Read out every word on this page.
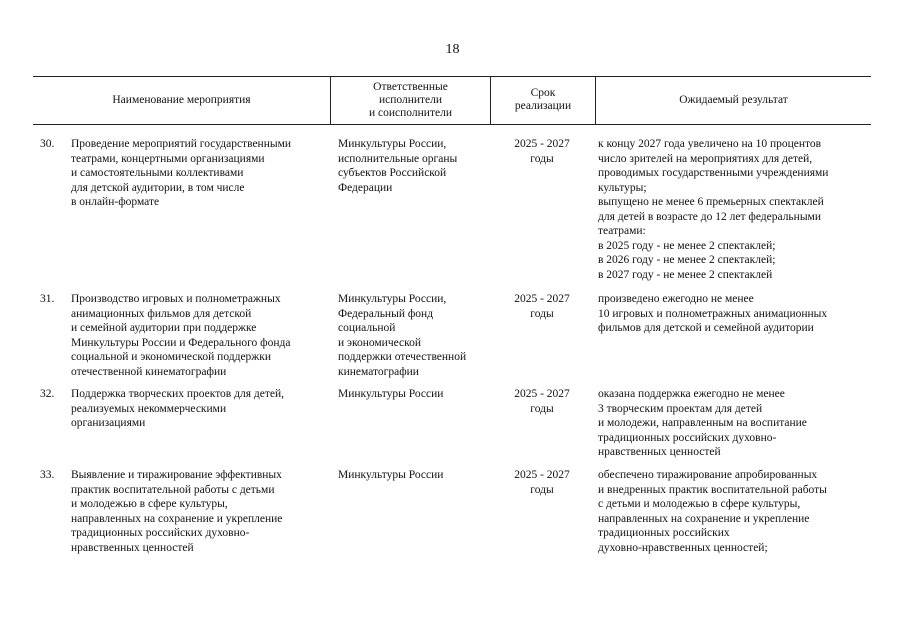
18
Наименование мероприятия
Ответственные
исполнители
и соисполнители
Срок
реализации
Ожидаемый результат
30. Проведение мероприятий государственными
театрами, концертными организациями
и самостоятельными коллективами
для детской аудитории, в том числе
в онлайн-формате
Минкультуры России,
исполнительные органы
субъектов Российской
Федерации
2025 - 2027
годы
к концу 2027 года увеличено на 10 процентов
число зрителей на мероприятиях для детей,
проводимых государственными учреждениями
культуры;
выпущено не менее 6 премьерных спектаклей
для детей в возрасте до 12 лет федеральными
театрами:
в 2025 году - не менее 2 спектаклей;
в 2026 году - не менее 2 спектаклей;
в 2027 году - не менее 2 спектаклей
31. Производство игровых и полнометражных
анимационных фильмов для детской
и семейной аудитории при поддержке
Минкультуры России и Федерального фонда
социальной и экономической поддержки
отечественной кинематографии
Минкультуры России,
Федеральный фонд
социальной
и экономической
поддержки отечественной
кинематографии
2025 - 2027
годы
произведено ежегодно не менее
10 игровых и полнометражных анимационных
фильмов для детской и семейной аудитории
32. Поддержка творческих проектов для детей,
реализуемых некоммерческими
организациями
Минкультуры России	2025 - 2027
годы
оказана поддержка ежегодно не менее
3 творческим проектам для детей
и молодежи, направленным на воспитание
традиционных российских духовно-
нравственных ценностей
33. Выявление и тиражирование эффективных
практик воспитательной работы с детьми
и молодежью в сфере культуры,
направленных на сохранение и укрепление
традиционных российских духовно-
нравственных ценностей
Минкультуры России	2025 - 2027
годы
обеспечено тиражирование апробированных
и внедренных практик воспитательной работы
с детьми и молодежью в сфере культуры,
направленных на сохранение и укрепление
традиционных российских
духовно-нравственных ценностей;
